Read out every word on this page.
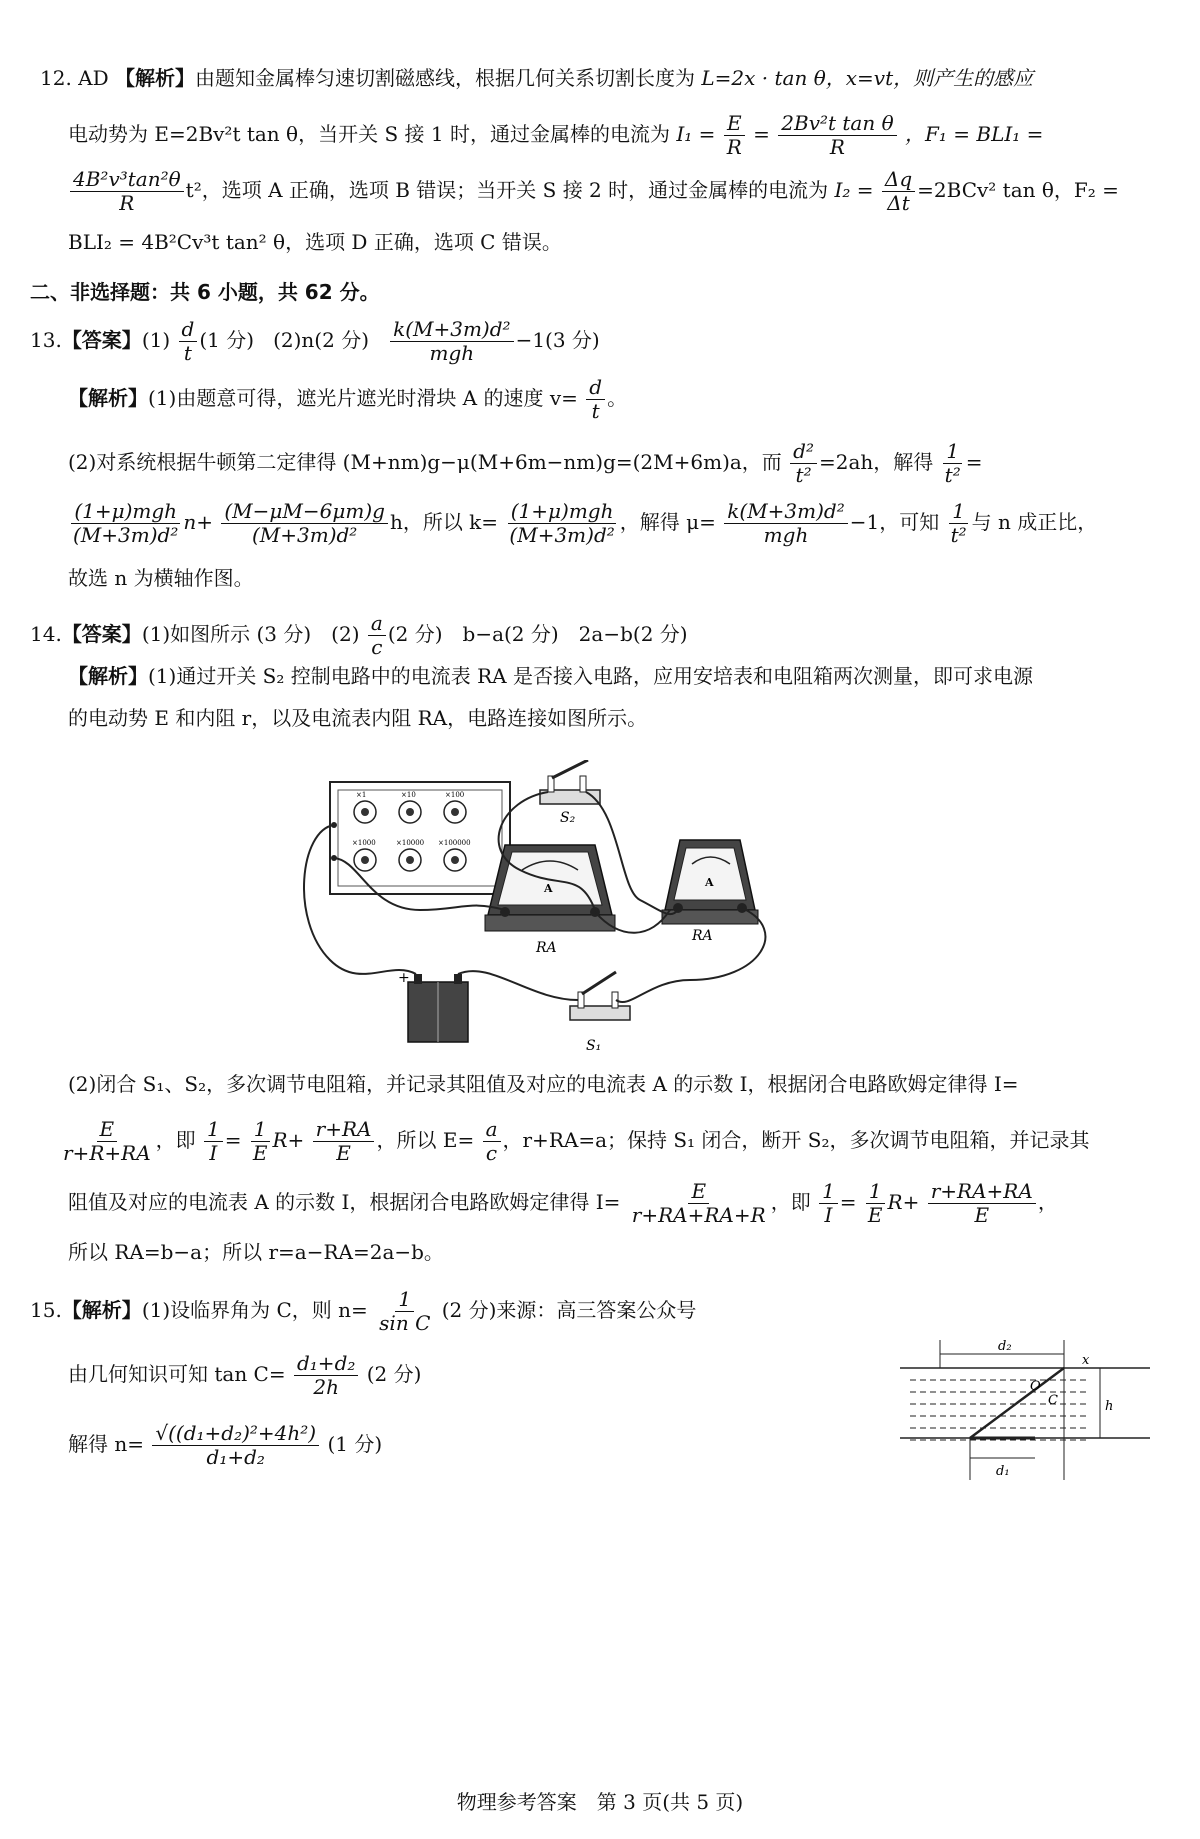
12. AD 【解析】由题知金属棒匀速切割磁感线，根据几何关系切割长度为 L=2x · tan θ，x=vt，则产生的感应
电动势为 E=2Bv²t tan θ，当开关 S 接 1 时，通过金属棒的电流为 $I_1 = \frac{E}{R} = \frac{\text{2Bv²t tan θ}}{R}$ ，F₁ = BLI₁ =
$\frac{\text{4B²v³tan²θ}}{R} t^2$，选项 A 正确，选项 B 错误；当开关 S 接 2 时，通过金属棒的电流为 $I_2 = \frac{\Delta q}{\Delta t} =2BCv^2$ tan θ，F₂ =
BLI₂ = 4B²Cv³t tan² θ，选项 D 正确，选项 C 错误。
二、非选择题：共 6 小题，共 62 分。
13.【答案】$(1) \frac{d}{t} (1$ 分) (2)n(2 分) $\frac{\text{k(M+3m)d²}}{\text{mgh}} -1(3$ 分)
【解析】(1)由题意可得，遮光片遮光时滑块 A 的速度 $v= \frac{d}{t}$ 。
(2)对系统根据牛顿第二定律得 (M+nm)g−μ(M+6m−nm)g=(2M+6m)a，而 $\frac{\text{d²}}{\text{t²}} =2ah$，解得 $\frac{1}{\text{t²}}$ =
$\frac{\text{(1+μ)mgh}}{\text{(M+3m)d²}} n+ \frac{(M-\mu M-6\mu m)g}{\text{(M+3m)d²}}$ h，所以 $k= \frac{\text{(1+μ)mgh}}{\text{(M+3m)d²}}$ ，解得 $\mu= \frac{\text{k(M+3m)d²}}{\text{mgh}} -1$，可知 $\frac{1}{\text{t²}}$ 与 n 成正比，
故选 n 为横轴作图。
14.【答案】(1)如图所示 (3 分)　$(2) \frac{a}{c} (2$ 分)　b−a(2 分)　2a−b(2 分)
【解析】(1)通过开关 S₂ 控制电路中的电流表 RA 是否接入电路，应用安培表和电阻箱两次测量，即可求电源
的电动势 E 和内阻 r，以及电流表内阻 RA，电路连接如图所示。
×1	×10	×100
×1000	×10000 ×100000
S₂
A
RA
A
RA
+
S₁
(2)闭合 S₁、S₂，多次调节电阻箱，并记录其阻值及对应的电流表 A 的示数 I，根据闭合电路欧姆定律得 I=
$\frac{E}{r+R+RA}$ ，即 $\frac{1}{I} = \frac{1}{E} R+ \frac{r+RA}{E}$ ，所以 $E= \frac{a}{c}$ ，r+RA=a；保持 S₁ 闭合，断开 S₂，多次调节电阻箱，并记录其
阻值及对应的电流表 A 的示数 I，根据闭合电路欧姆定律得 $I= \frac{E}{r+RA+RA+R}$ ，即 $\frac{1}{I} = \frac{1}{E} R+ \frac{r+RA+RA}{E}$ ，
所以 RA=b−a；所以 r=a−RA=2a−b。
15.【解析】(1)设临界角为 C，则 $n= \frac{1}{\text{sin C}} (2$ 分)来源：高三答案公众号
由几何知识可知 $\tan C= \frac{\text{d₁+d₂}}{2h} (2$ 分)
解得 $n= \frac{\text{√((d₁+d₂)²+4h²)}}{\text{d₁+d₂}} (1$ 分)
d₂
x
O
C	h
d₁
物理参考答案　第 3 页(共 5 页)
